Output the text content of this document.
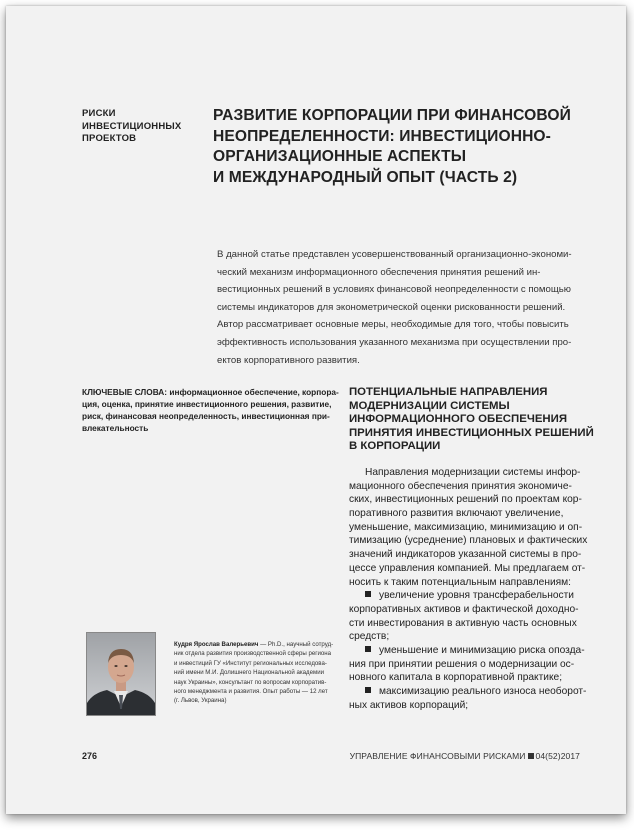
РИСКИ
ИНВЕСТИЦИОННЫХ
ПРОЕКТОВ
РАЗВИТИЕ КОРПОРАЦИИ ПРИ ФИНАНСОВОЙ
НЕОПРЕДЕЛЕННОСТИ: ИНВЕСТИЦИОННО-
ОРГАНИЗАЦИОННЫЕ АСПЕКТЫ
И МЕЖДУНАРОДНЫЙ ОПЫТ (ЧАСТЬ 2)
В данной статье представлен усовершенствованный организационно-экономи-
ческий механизм информационного обеспечения принятия решений ин-
вестиционных решений в условиях финансовой неопределенности с помощью
системы индикаторов для эконометрической оценки рискованности решений.
Автор рассматривает основные меры, необходимые для того, чтобы повысить
эффективность использования указанного механизма при осуществлении про-
ектов корпоративного развития.
КЛЮЧЕВЫЕ СЛОВА: информационное обеспечение, корпора-
ция, оценка, принятие инвестиционного решения, развитие,
риск, финансовая неопределенность, инвестиционная при-
влекательность
ПОТЕНЦИАЛЬНЫЕ НАПРАВЛЕНИЯ
МОДЕРНИЗАЦИИ СИСТЕМЫ
ИНФОРМАЦИОННОГО ОБЕСПЕЧЕНИЯ
ПРИНЯТИЯ ИНВЕСТИЦИОННЫХ РЕШЕНИЙ
В КОРПОРАЦИИ
Направления модернизации системы инфор-
мационного обеспечения принятия экономиче-
ских, инвестиционных решений по проектам кор-
поративного развития включают увеличение,
уменьшение, максимизацию, минимизацию и оп-
тимизацию (усреднение) плановых и фактических
значений индикаторов указанной системы в про-
цессе управления компанией. Мы предлагаем от-
носить к таким потенциальным направлениям:
увеличение уровня трансферабельности
корпоративных активов и фактической доходно-
сти инвестирования в активную часть основных
средств;
уменьшение и минимизацию риска опозда-
ния при принятии решения о модернизации ос-
новного капитала в корпоративной практике;
максимизацию реального износа необорот-
ных активов корпораций;
Кудря Ярослав Валерьевич — Ph.D., научный сотруд-
ник отдела развития производственной сферы региона
и инвестиций ГУ «Институт региональных исследова-
ний имени М.И. Долишнего Национальной академии
наук Украины», консультант по вопросам корпоратив-
ного менеджмента и развития. Опыт работы — 12 лет
(г. Львов, Украина)
276	УПРАВЛЕНИЕ ФИНАНСОВЫМИ РИСКАМИ 04(52)2017
